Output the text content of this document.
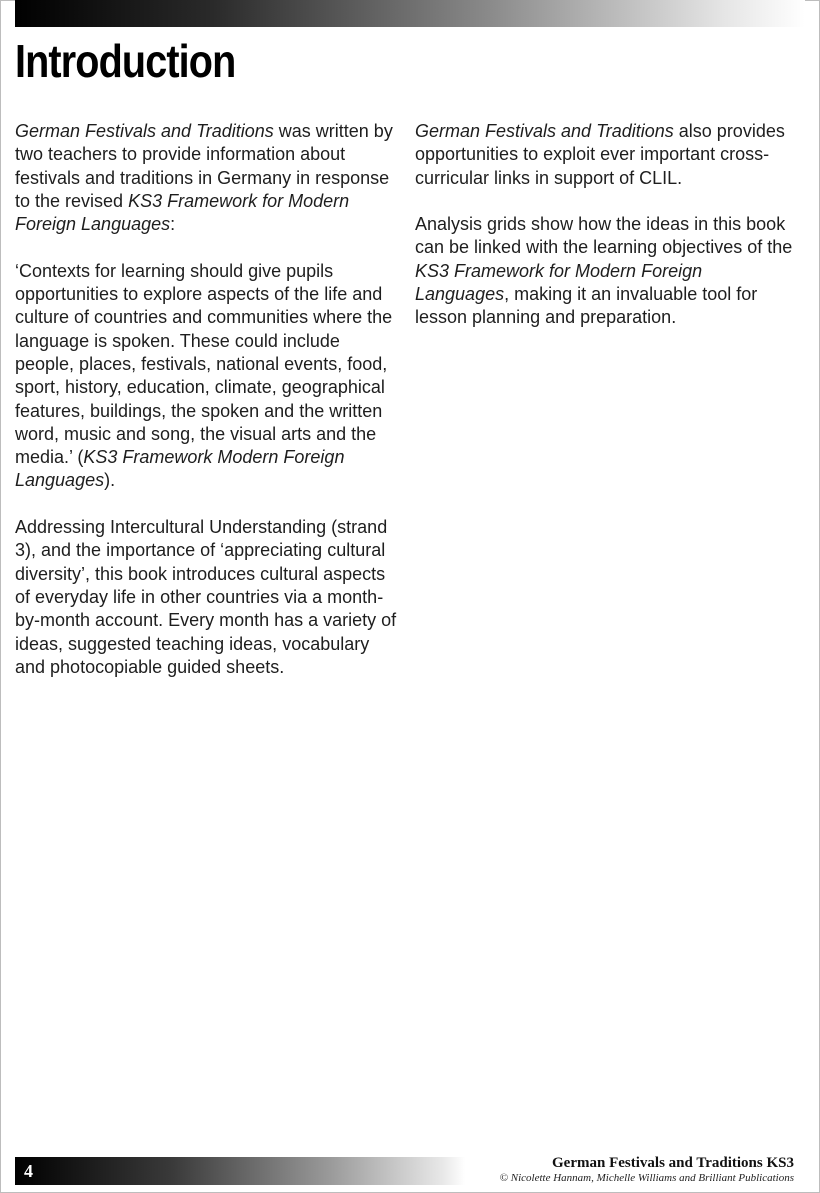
Introduction

German Festivals and Traditions was written by two teachers to provide information about festivals and traditions in Germany in response to the revised KS3 Framework for Modern Foreign Languages:

‘Contexts for learning should give pupils opportunities to explore aspects of the life and culture of countries and communities where the language is spoken. These could include people, places, festivals, national events, food, sport, history, education, climate, geographical features, buildings, the spoken and the written word, music and song, the visual arts and the media.’ (KS3 Framework Modern Foreign Languages).

Addressing Intercultural Understanding (strand 3), and the importance of ‘appreciating cultural diversity’, this book introduces cultural aspects of everyday life in other countries via a month-by-month account. Every month has a variety of ideas, suggested teaching ideas, vocabulary and photocopiable guided sheets.

German Festivals and Traditions also provides opportunities to exploit ever important cross-curricular links in support of CLIL.

Analysis grids show how the ideas in this book can be linked with the learning objectives of the KS3 Framework for Modern Foreign Languages, making it an invaluable tool for lesson planning and preparation.

4	German Festivals and Traditions KS3
© Nicolette Hannam, Michelle Williams and Brilliant Publications
